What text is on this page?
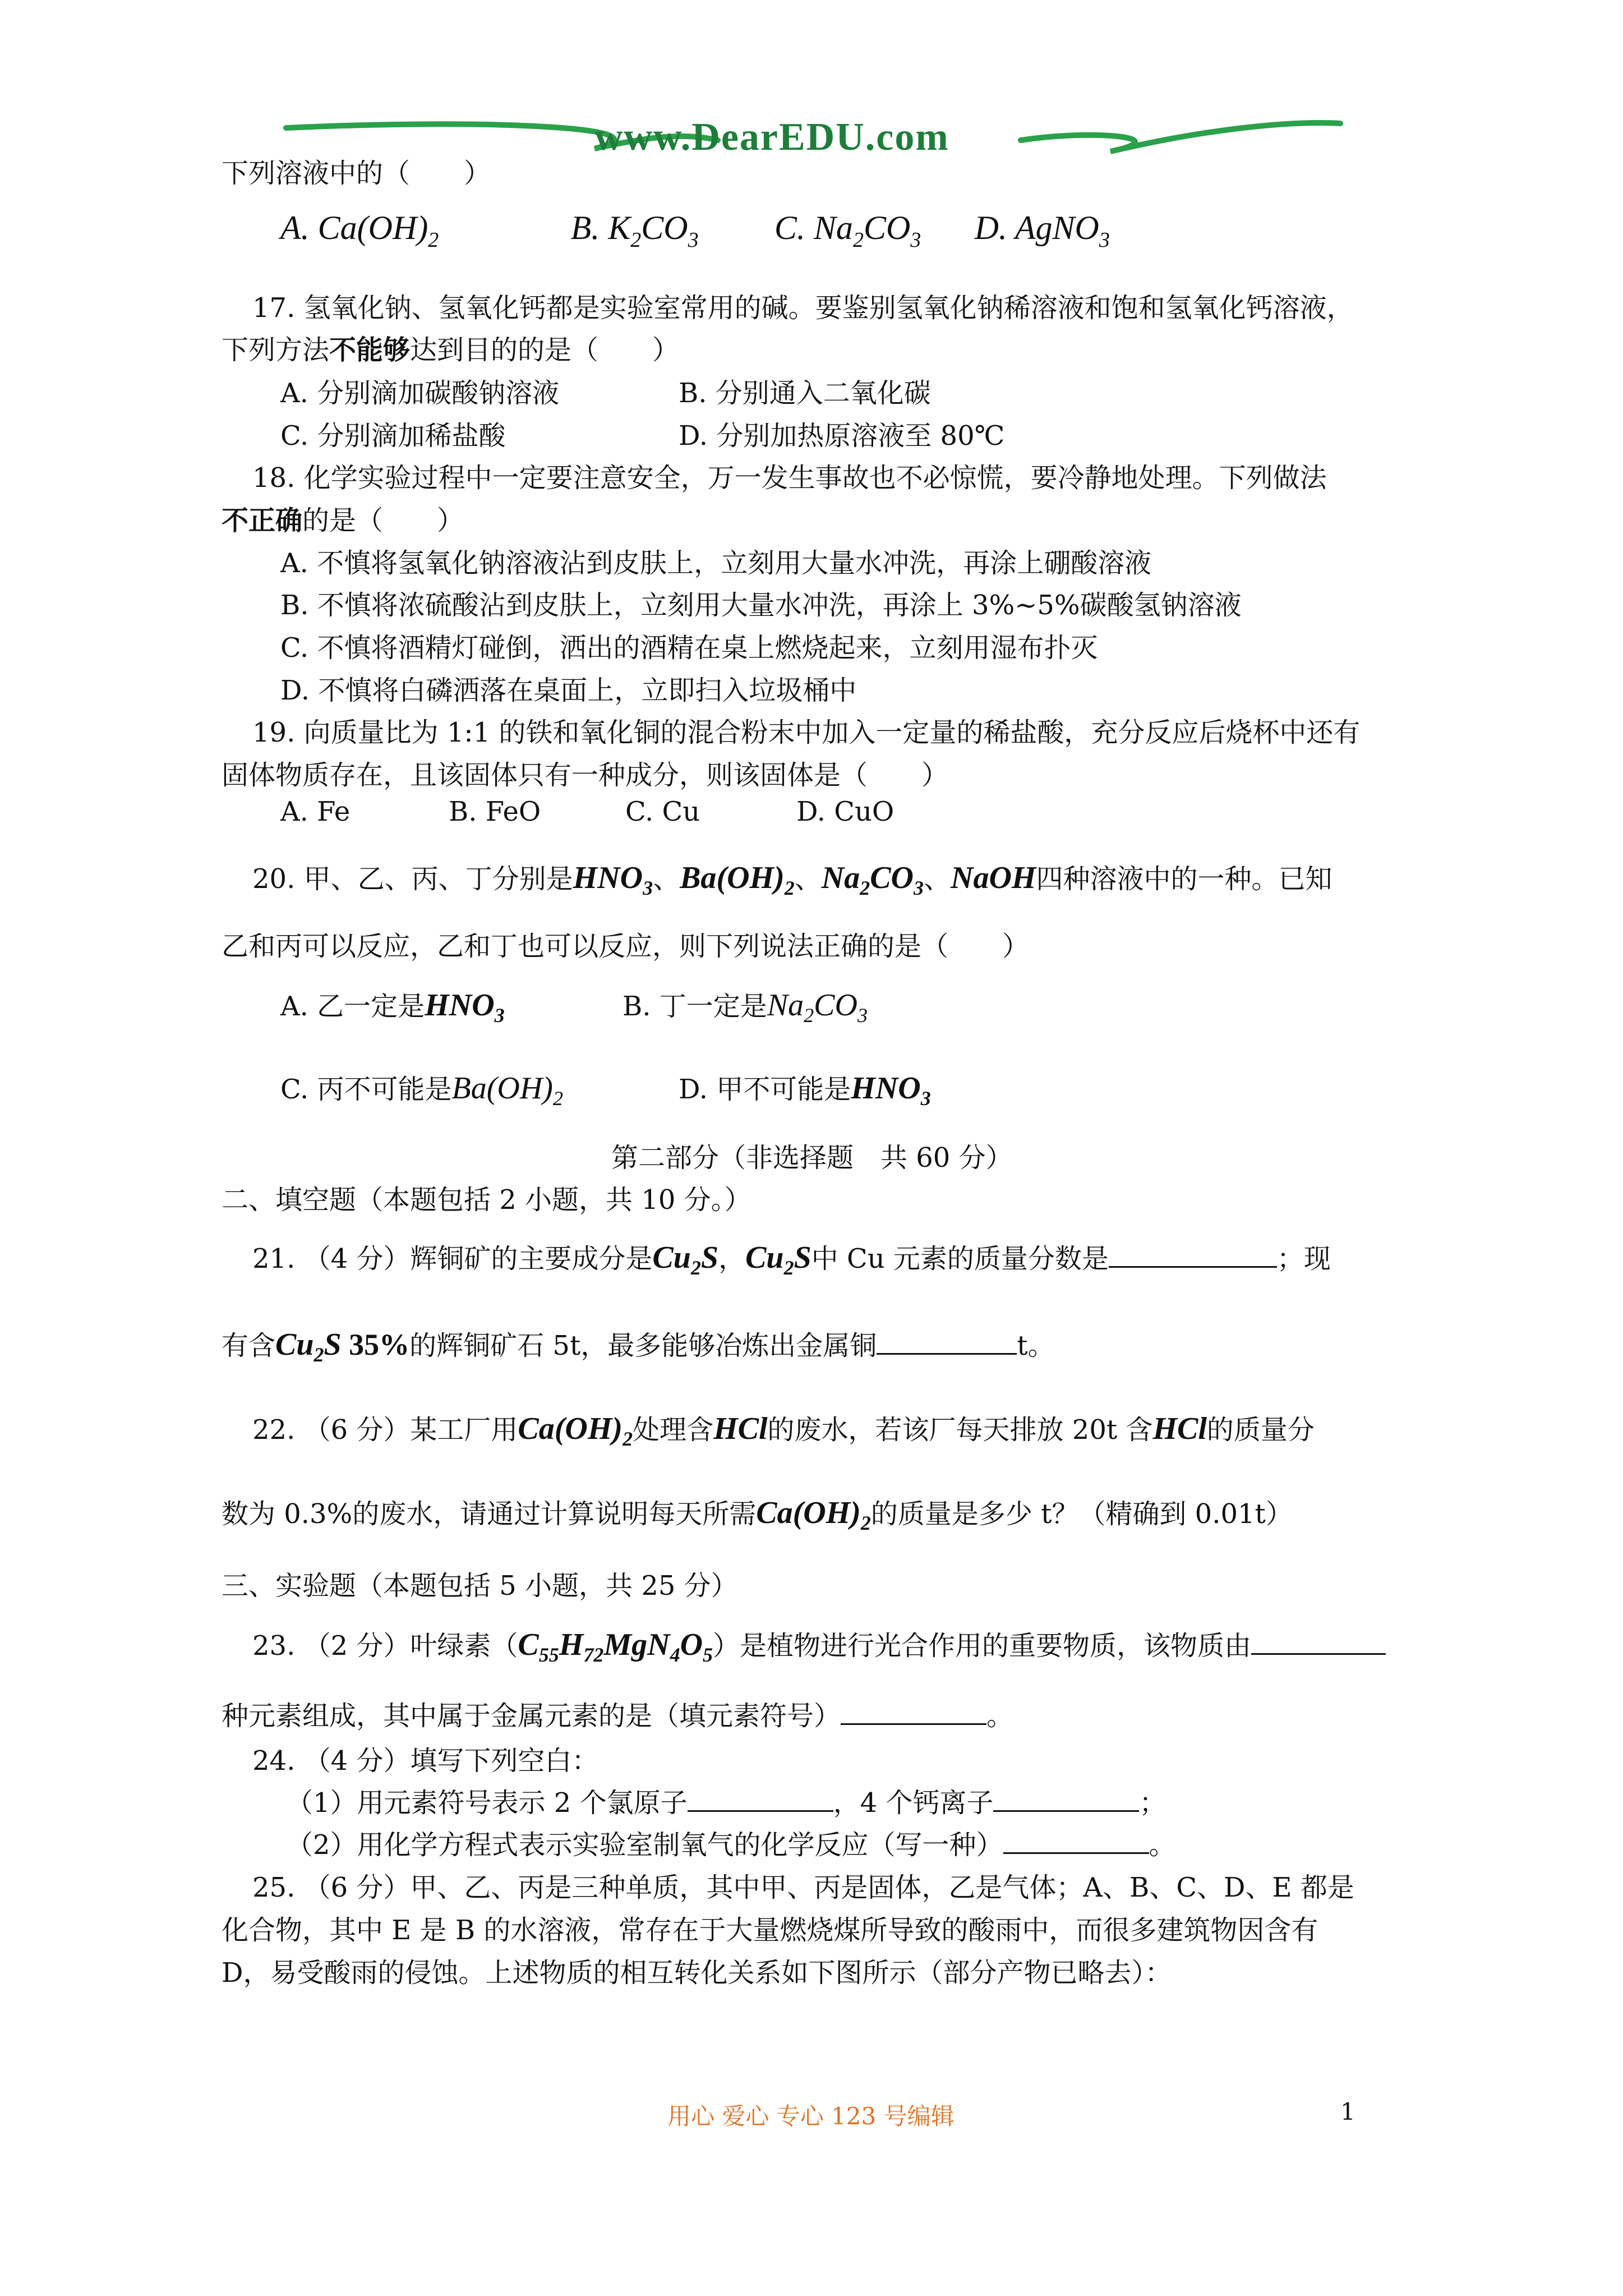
www.DearEDU.com
下列溶液中的（　　）
A. $Ca(OH)_2$	B. $K_2CO_3$ C. $Na_2CO_3$ D. AgNO$_3$
17. 氢氧化钠、氢氧化钙都是实验室常用的碱。要鉴别氢氧化钠稀溶液和饱和氢氧化钙溶液，
下列方法不能够达到目的的是（　　）
A. 分别滴加碳酸钠溶液	B. 分别通入二氧化碳
C. 分别滴加稀盐酸	D. 分别加热原溶液至 80℃
18. 化学实验过程中一定要注意安全，万一发生事故也不必惊慌，要冷静地处理。下列做法
不正确的是（　　）
A. 不慎将氢氧化钠溶液沾到皮肤上，立刻用大量水冲洗，再涂上硼酸溶液
B. 不慎将浓硫酸沾到皮肤上，立刻用大量水冲洗，再涂上 3%~5%碳酸氢钠溶液
C. 不慎将酒精灯碰倒，洒出的酒精在桌上燃烧起来，立刻用湿布扑灭
D. 不慎将白磷洒落在桌面上，立即扫入垃圾桶中
19. 向质量比为 1:1 的铁和氧化铜的混合粉末中加入一定量的稀盐酸，充分反应后烧杯中还有
固体物质存在，且该固体只有一种成分，则该固体是（　　）
A. Fe	B. FeO	C. Cu	D. CuO
20. 甲、乙、丙、丁分别是$HNO_3$、$Ba(OH)_2$、$Na_2CO_3$、NaOH四种溶液中的一种。已知
乙和丙可以反应，乙和丁也可以反应，则下列说法正确的是（　　）
A. 乙一定是$HNO_3$	B. 丁一定是$Na_2CO_3$
C. 丙不可能是$Ba(OH)_2$	D. 甲不可能是$HNO_3$
第二部分（非选择题　共 60 分）
二、填空题（本题包括 2 小题，共 10 分。）
21. （4 分）辉铜矿的主要成分是$Cu_2S$，$Cu_2S$中 Cu 元素的质量分数是	；现
有含$Cu_2S$ 35%的辉铜矿石 5t，最多能够冶炼出金属铜	t。
22. （6 分）某工厂用$Ca(OH)_2$处理含HCl的废水，若该厂每天排放 20t 含HCl的质量分
数为 0.3%的废水，请通过计算说明每天所需$Ca(OH)_2$的质量是多少 t？（精确到 0.01t）
三、实验题（本题包括 5 小题，共 25 分）
23. （2 分）叶绿素$(C_{55}H_{72}MgN_4O_5)$是植物进行光合作用的重要物质，该物质由
种元素组成，其中属于金属元素的是（填元素符号）	。
24. （4 分）填写下列空白：
（1）用元素符号表示 2 个氯原子	，4 个钙离子	；
（2）用化学方程式表示实验室制氧气的化学反应（写一种）	。
25. （6 分）甲、乙、丙是三种单质，其中甲、丙是固体，乙是气体；A、B、C、D、E 都是
化合物，其中 E 是 B 的水溶液，常存在于大量燃烧煤所导致的酸雨中，而很多建筑物因含有
D，易受酸雨的侵蚀。上述物质的相互转化关系如下图所示（部分产物已略去）：
用心 爱心 专心 123 号编辑	1
